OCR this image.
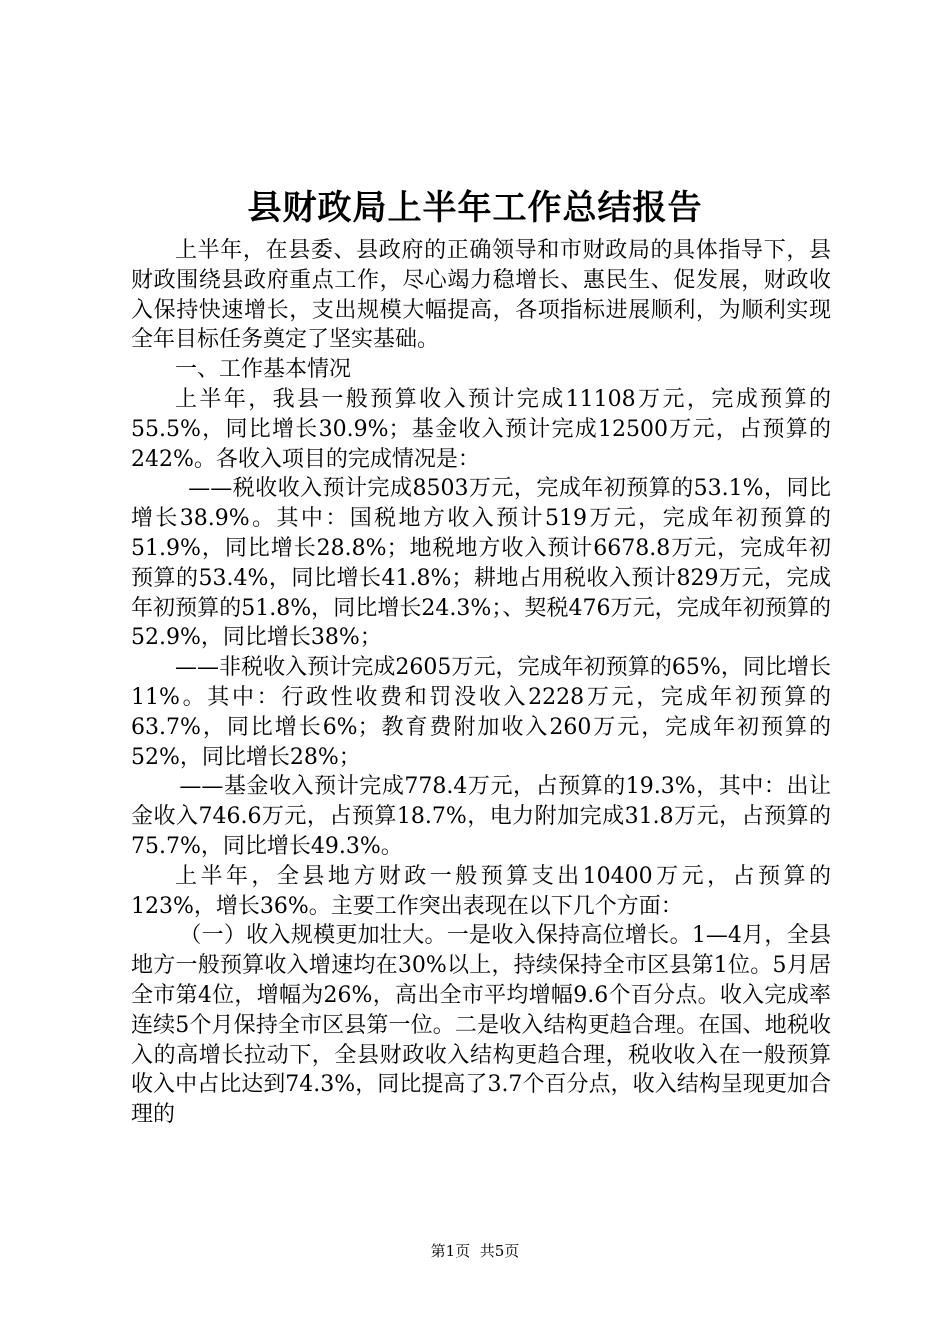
县财政局上半年工作总结报告

上半年，在县委、县政府的正确领导和市财政局的具体指导下，县财政围绕县政府重点工作，尽心竭力稳增长、惠民生、促发展，财政收入保持快速增长，支出规模大幅提高，各项指标进展顺利，为顺利实现全年目标任务奠定了坚实基础。

一、工作基本情况

上半年，我县一般预算收入预计完成11108万元，完成预算的55.5%，同比增长30.9%；基金收入预计完成12500万元，占预算的242%。各收入项目的完成情况是：

——税收收入预计完成8503万元，完成年初预算的53.1%，同比增长38.9%。其中：国税地方收入预计519万元，完成年初预算的51.9%，同比增长28.8%；地税地方收入预计6678.8万元，完成年初预算的53.4%，同比增长41.8%；耕地占用税收入预计829万元，完成年初预算的51.8%，同比增长24.3%；、契税476万元，完成年初预算的52.9%，同比增长38%；

——非税收入预计完成2605万元，完成年初预算的65%，同比增长11%。其中：行政性收费和罚没收入2228万元，完成年初预算的63.7%，同比增长6%；教育费附加收入260万元，完成年初预算的52%，同比增长28%；

——基金收入预计完成778.4万元，占预算的19.3%，其中：出让金收入746.6万元，占预算18.7%，电力附加完成31.8万元，占预算的75.7%，同比增长49.3%。

上半年，全县地方财政一般预算支出10400万元，占预算的123%，增长36%。主要工作突出表现在以下几个方面：

（一）收入规模更加壮大。一是收入保持高位增长。1—4月，全县地方一般预算收入增速均在30%以上，持续保持全市区县第1位。5月居全市第4位，增幅为26%，高出全市平均增幅9.6个百分点。收入完成率连续5个月保持全市区县第一位。二是收入结构更趋合理。在国、地税收入的高增长拉动下，全县财政收入结构更趋合理，税收收入在一般预算收入中占比达到74.3%，同比提高了3.7个百分点，收入结构呈现更加合理的

第1页 共5页
